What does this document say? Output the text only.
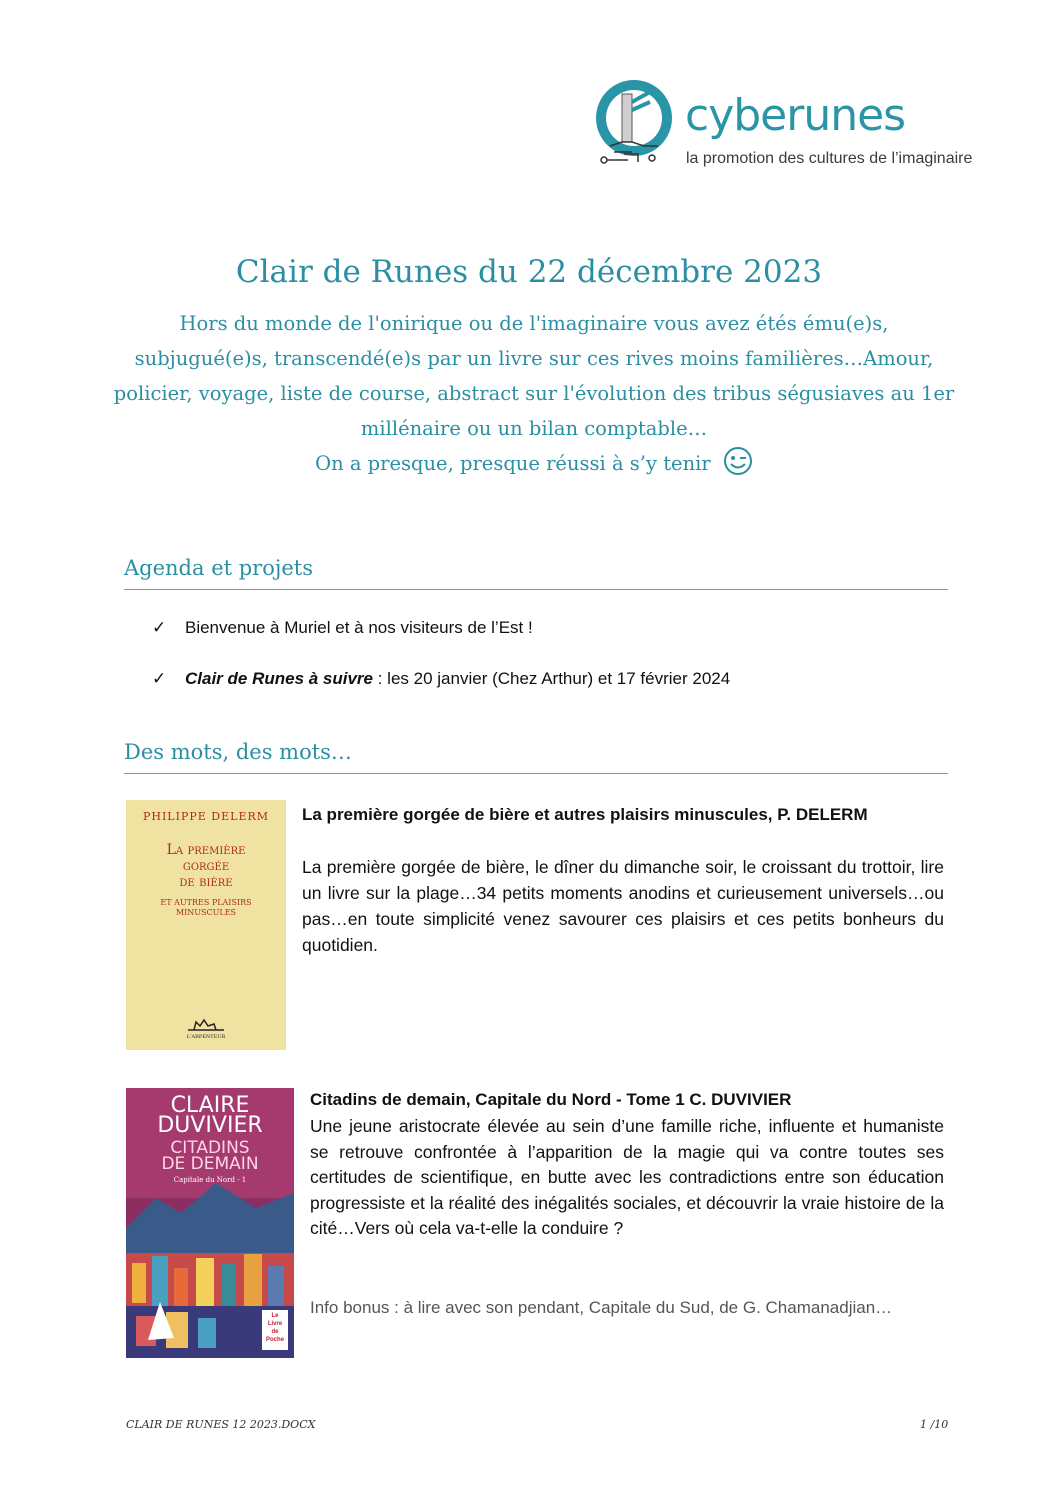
cyberunes
la promotion des cultures de l’imaginaire
Clair de Runes du 22 décembre 2023
Hors du monde de l'onirique ou de l'imaginaire vous avez étés ému(e)s,
subjugué(e)s, transcendé(e)s par un livre sur ces rives moins familières…Amour,
policier, voyage, liste de course, abstract sur l'évolution des tribus ségusiaves au 1er
millénaire ou un bilan comptable…
On a presque, presque réussi à s’y tenir
Agenda et projets
✓ Bienvenue à Muriel et à nos visiteurs de l’Est !
✓ Clair de Runes à suivre : les 20 janvier (Chez Arthur) et 17 février 2024
Des mots, des mots…
PHILIPPE DELERM
La première
gorgée
de bière
ET AUTRES PLAISIRS
MINUSCULES
L'ARPENTEUR
La première gorgée de bière et autres plaisirs minuscules, P. DELERM
La première gorgée de bière, le dîner du dimanche soir, le croissant du trottoir, lire un livre sur la plage…34 petits moments anodins et curieusement universels…ou pas…en toute simplicité venez savourer ces plaisirs et ces petits bonheurs du quotidien.
CLAIRE
DUVIVIER
CITADINS
DE DEMAIN
Capitale du Nord - 1
Le
Livre
de
Poche
Citadins de demain, Capitale du Nord - Tome 1 C. DUVIVIER
Une jeune aristocrate élevée au sein d’une famille riche, influente et humaniste se retrouve confrontée à l’apparition de la magie qui va contre toutes ses certitudes de scientifique, en butte avec les contradictions entre son éducation progressiste et la réalité des inégalités sociales, et découvrir la vraie histoire de la cité…Vers où cela va-t-elle la conduire ?
Info bonus : à lire avec son pendant, Capitale du Sud, de G. Chamanadjian…
CLAIR DE RUNES 12 2023.DOCX	1 /10
